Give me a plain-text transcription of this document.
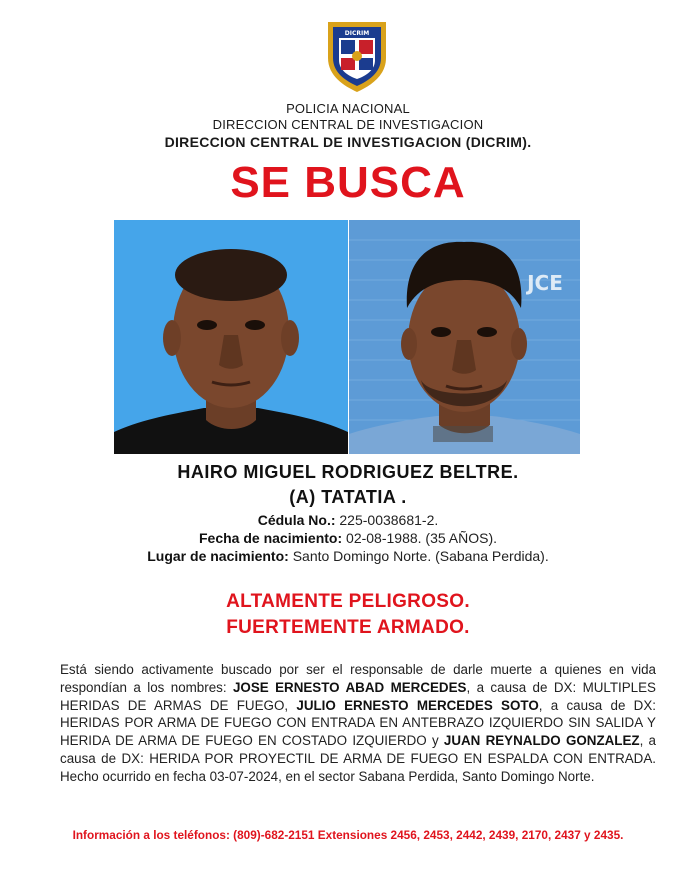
DICRIM
POLICIA NACIONAL
DIRECCION CENTRAL DE INVESTIGACION
DIRECCION CENTRAL DE INVESTIGACION (DICRIM).
SE BUSCA
JCE
HAIRO MIGUEL RODRIGUEZ BELTRE.
(A) TATATIA .
Cédula No.: 225-0038681-2.
Fecha de nacimiento: 02-08-1988. (35 AÑOS).
Lugar de nacimiento: Santo Domingo Norte. (Sabana Perdida).
ALTAMENTE PELIGROSO.
FUERTEMENTE ARMADO.
Está siendo activamente buscado por ser el responsable de darle muerte a quienes en vida respondían a los nombres: JOSE ERNESTO ABAD MERCEDES, a causa de DX: MULTIPLES HERIDAS DE ARMAS DE FUEGO, JULIO ERNESTO MERCEDES SOTO, a causa de DX: HERIDAS POR ARMA DE FUEGO CON ENTRADA EN ANTEBRAZO IZQUIERDO SIN SALIDA Y HERIDA DE ARMA DE FUEGO EN COSTADO IZQUIERDO y JUAN REYNALDO GONZALEZ, a causa de DX: HERIDA POR PROYECTIL DE ARMA DE FUEGO EN ESPALDA CON ENTRADA. Hecho ocurrido en fecha 03-07-2024, en el sector Sabana Perdida, Santo Domingo Norte.
Información a los teléfonos: (809)-682-2151 Extensiones 2456, 2453, 2442, 2439, 2170, 2437 y 2435.
